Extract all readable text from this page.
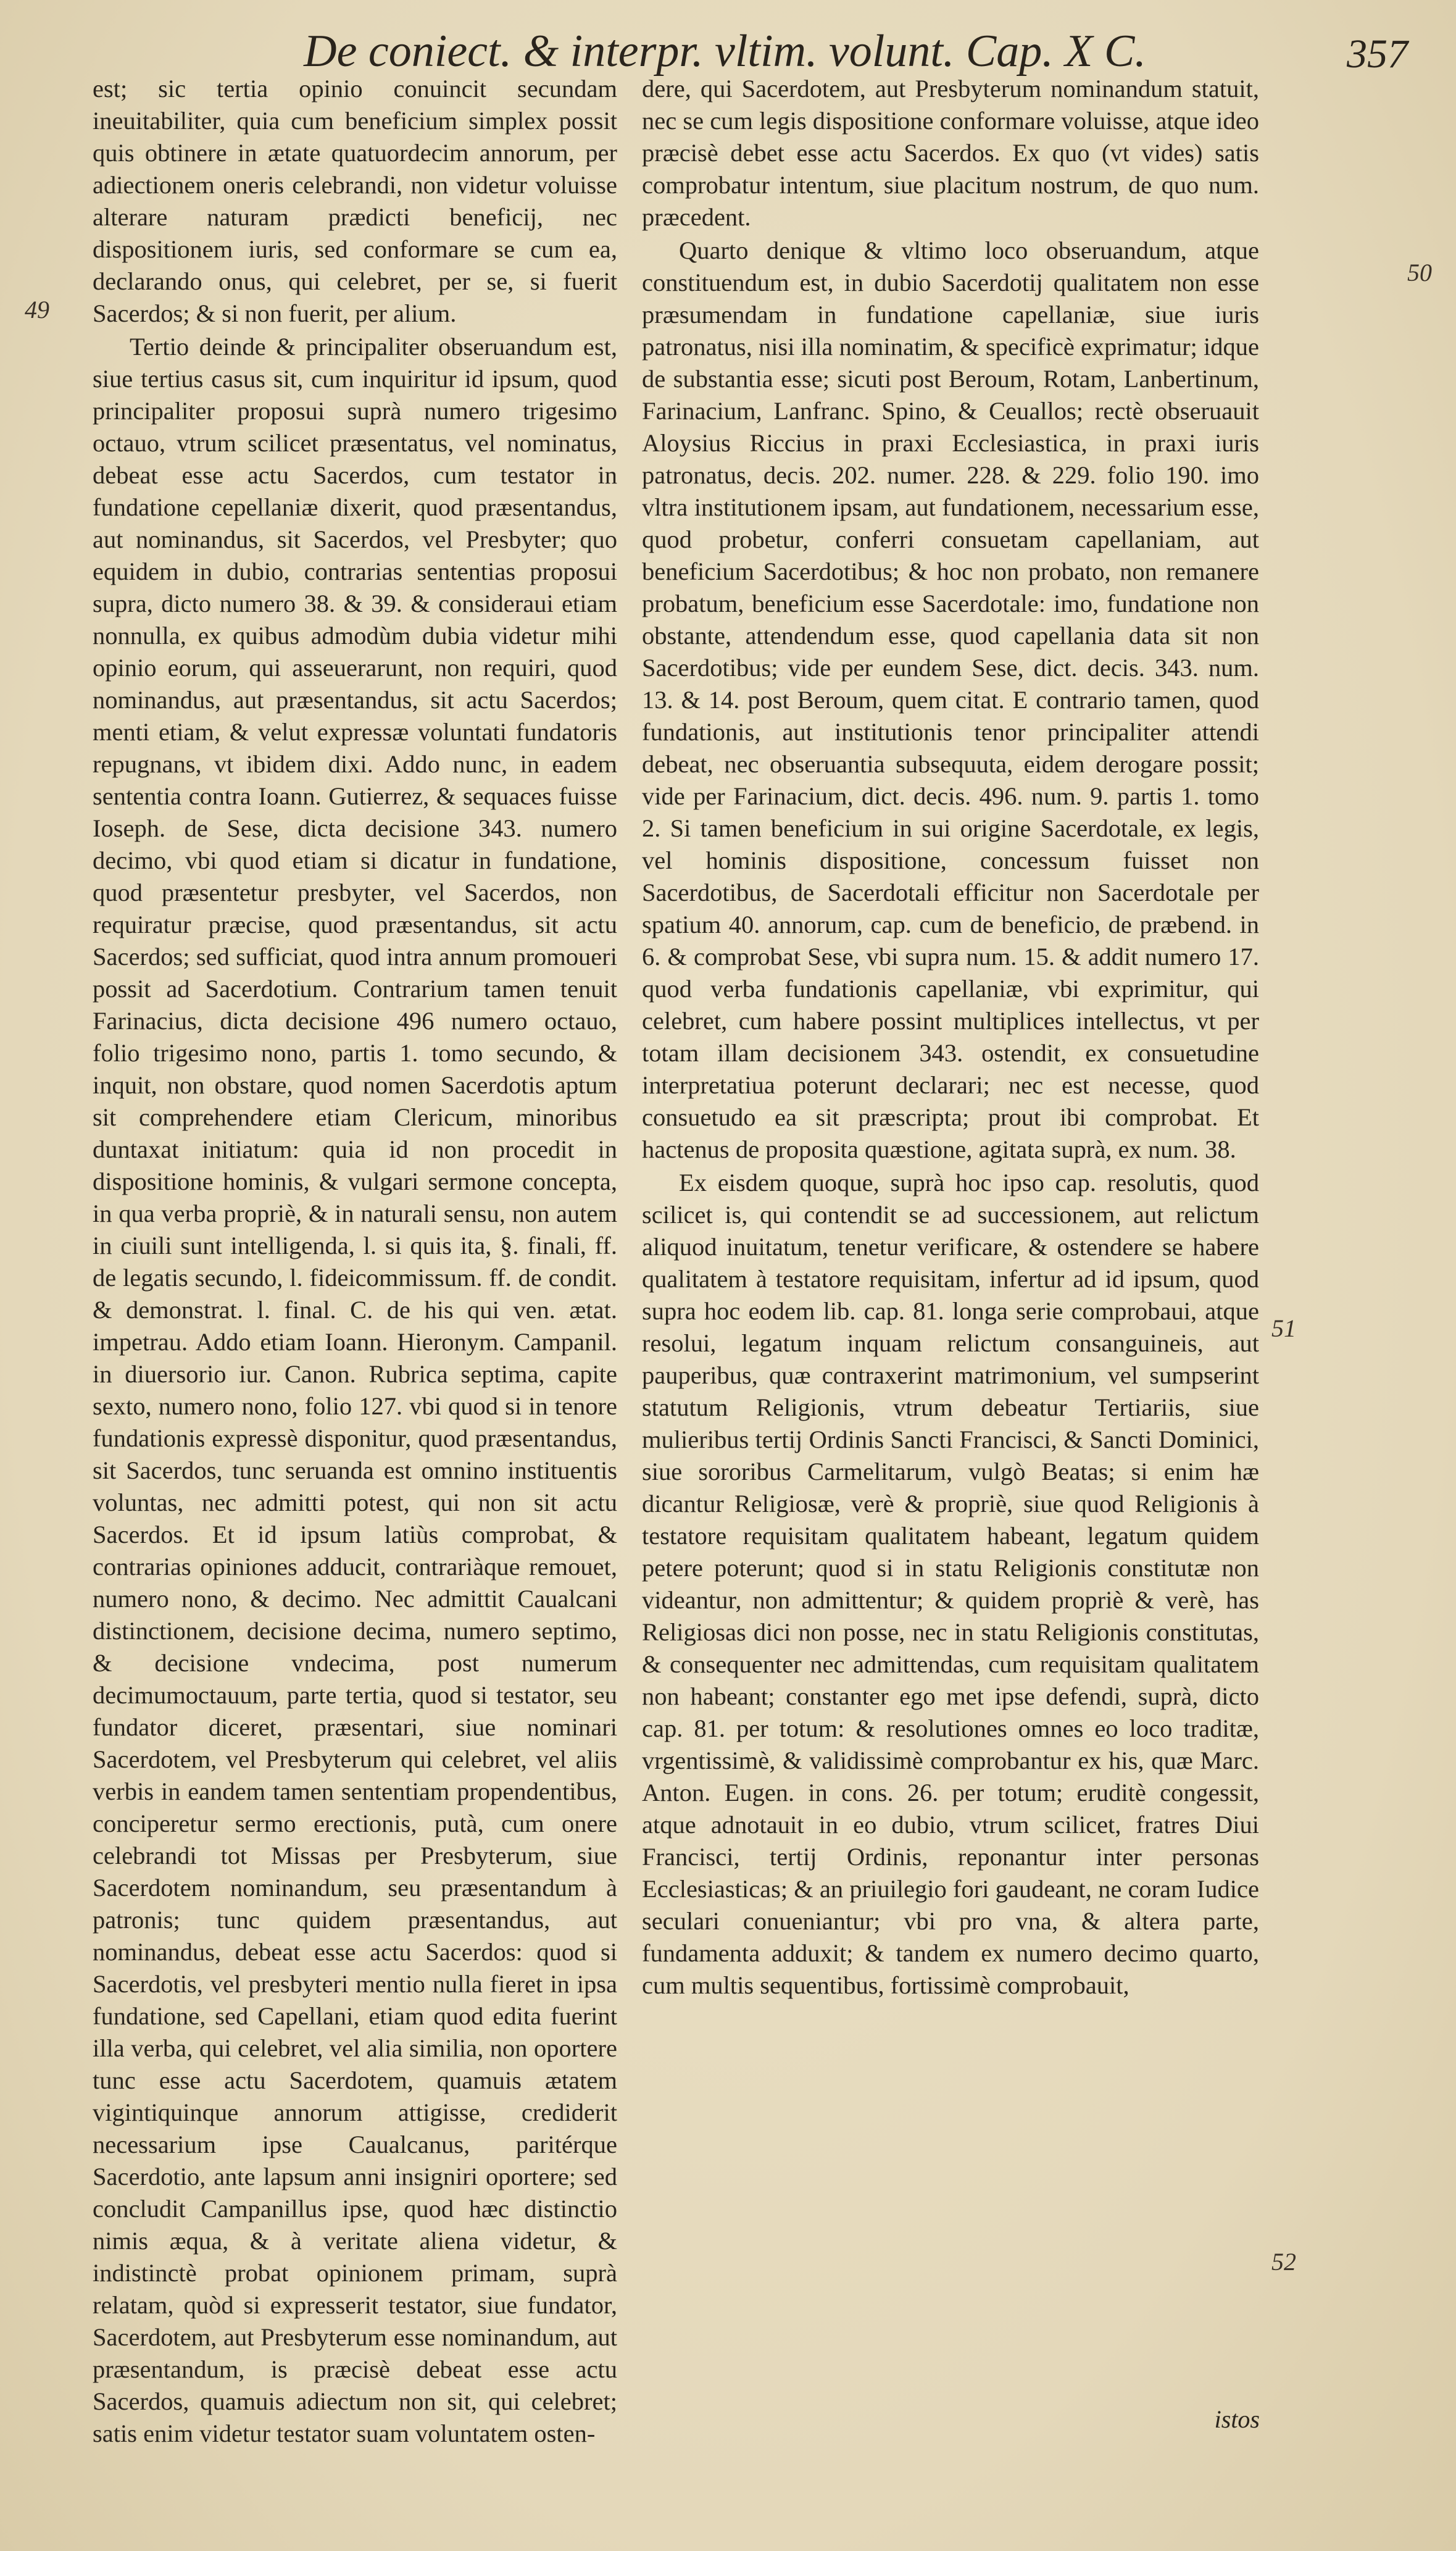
De coniect. & interpr. vltim. volunt. Cap. X C.	357

est; sic tertia opinio conuincit secundam ineuitabiliter, quia cum beneficium simplex possit quis obtinere in ætate quatuordecim annorum, per adiectionem oneris celebrandi, non videtur voluisse alterare naturam prædicti beneficij, nec dispositionem iuris, sed conformare se cum ea, declarando onus, qui celebret, per se, si fuerit Sacerdos; & si non fuerit, per alium.

Tertio deinde & principaliter obseruandum est, siue tertius casus sit, cum inquiritur id ipsum, quod principaliter proposui suprà numero trigesimo octauo, vtrum scilicet præsentatus, vel nominatus, debeat esse actu Sacerdos, cum testator in fundatione cepellaniæ dixerit, quod præsentandus, aut nominandus, sit Sacerdos, vel Presbyter; quo equidem in dubio, contrarias sententias proposui supra, dicto numero 38. & 39. & consideraui etiam nonnulla, ex quibus admodùm dubia videtur mihi opinio eorum, qui asseuerarunt, non requiri, quod nominandus, aut præsentandus, sit actu Sacerdos; menti etiam, & velut expressæ voluntati fundatoris repugnans, vt ibidem dixi. Addo nunc, in eadem sententia contra Ioann. Gutierrez, & sequaces fuisse Ioseph. de Sese, dicta decisione 343. numero decimo, vbi quod etiam si dicatur in fundatione, quod præsentetur presbyter, vel Sacerdos, non requiratur præcise, quod præsentandus, sit actu Sacerdos; sed sufficiat, quod intra annum promoueri possit ad Sacerdotium. Contrarium tamen tenuit Farinacius, dicta decisione 496 numero octauo, folio trigesimo nono, partis 1. tomo secundo, & inquit, non obstare, quod nomen Sacerdotis aptum sit comprehendere etiam Clericum, minoribus duntaxat initiatum: quia id non procedit in dispositione hominis, & vulgari sermone concepta, in qua verba propriè, & in naturali sensu, non autem in ciuili sunt intelligenda, l. si quis ita, §. finali, ff. de legatis secundo, l. fideicommissum. ff. de condit. & demonstrat. l. final. C. de his qui ven. ætat. impetrau. Addo etiam Ioann. Hieronym. Campanil. in diuersorio iur. Canon. Rubrica septima, capite sexto, numero nono, folio 127. vbi quod si in tenore fundationis expressè disponitur, quod præsentandus, sit Sacerdos, tunc seruanda est omnino instituentis voluntas, nec admitti potest, qui non sit actu Sacerdos. Et id ipsum latiùs comprobat, & contrarias opiniones adducit, contrariàque remouet, numero nono, & decimo. Nec admittit Caualcani distinctionem, decisione decima, numero septimo, & decisione vndecima, post numerum decimumoctauum, parte tertia, quod si testator, seu fundator diceret, præsentari, siue nominari Sacerdotem, vel Presbyterum qui celebret, vel aliis verbis in eandem tamen sententiam propendentibus, conciperetur sermo erectionis, putà, cum onere celebrandi tot Missas per Presbyterum, siue Sacerdotem nominandum, seu præsentandum à patronis; tunc quidem præsentandus, aut nominandus, debeat esse actu Sacerdos: quod si Sacerdotis, vel presbyteri mentio nulla fieret in ipsa fundatione, sed Capellani, etiam quod edita fuerint illa verba, qui celebret, vel alia similia, non oportere tunc esse actu Sacerdotem, quamuis ætatem vigintiquinque annorum attigisse, crediderit necessarium ipse Caualcanus, paritérque Sacerdotio, ante lapsum anni insigniri oportere; sed concludit Campanillus ipse, quod hæc distinctio nimis æqua, & à veritate aliena videtur, & indistinctè probat opinionem primam, suprà relatam, quòd si expresserit testator, siue fundator, Sacerdotem, aut Presbyterum esse nominandum, aut præsentandum, is præcisè debeat esse actu Sacerdos, quamuis adiectum non sit, qui celebret; satis enim videtur testator suam voluntatem osten-

dere, qui Sacerdotem, aut Presbyterum nominandum statuit, nec se cum legis dispositione conformare voluisse, atque ideo præcisè debet esse actu Sacerdos. Ex quo (vt vides) satis comprobatur intentum, siue placitum nostrum, de quo num. præcedent.

Quarto denique & vltimo loco obseruandum, atque constituendum est, in dubio Sacerdotij qualitatem non esse præsumendam in fundatione capellaniæ, siue iuris patronatus, nisi illa nominatim, & specificè exprimatur; idque de substantia esse; sicuti post Beroum, Rotam, Lanbertinum, Farinacium, Lanfranc. Spino, & Ceuallos; rectè obseruauit Aloysius Riccius in praxi Ecclesiastica, in praxi iuris patronatus, decis. 202. numer. 228. & 229. folio 190. imo vltra institutionem ipsam, aut fundationem, necessarium esse, quod probetur, conferri consuetam capellaniam, aut beneficium Sacerdotibus; & hoc non probato, non remanere probatum, beneficium esse Sacerdotale: imo, fundatione non obstante, attendendum esse, quod capellania data sit non Sacerdotibus; vide per eundem Sese, dict. decis. 343. num. 13. & 14. post Beroum, quem citat. E contrario tamen, quod fundationis, aut institutionis tenor principaliter attendi debeat, nec obseruantia subsequuta, eidem derogare possit; vide per Farinacium, dict. decis. 496. num. 9. partis 1. tomo 2. Si tamen beneficium in sui origine Sacerdotale, ex legis, vel hominis dispositione, concessum fuisset non Sacerdotibus, de Sacerdotali efficitur non Sacerdotale per spatium 40. annorum, cap. cum de beneficio, de præbend. in 6. & comprobat Sese, vbi supra num. 15. & addit numero 17. quod verba fundationis capellaniæ, vbi exprimitur, qui celebret, cum habere possint multiplices intellectus, vt per totam illam decisionem 343. ostendit, ex consuetudine interpretatiua poterunt declarari; nec est necesse, quod consuetudo ea sit præscripta; prout ibi comprobat. Et hactenus de proposita quæstione, agitata suprà, ex num. 38.

Ex eisdem quoque, suprà hoc ipso cap. resolutis, quod scilicet is, qui contendit se ad successionem, aut relictum aliquod inuitatum, tenetur verificare, & ostendere se habere qualitatem à testatore requisitam, infertur ad id ipsum, quod supra hoc eodem lib. cap. 81. longa serie comprobaui, atque resolui, legatum inquam relictum consanguineis, aut pauperibus, quæ contraxerint matrimonium, vel sumpserint statutum Religionis, vtrum debeatur Tertiariis, siue mulieribus tertij Ordinis Sancti Francisci, & Sancti Dominici, siue sororibus Carmelitarum, vulgò Beatas; si enim hæ dicantur Religiosæ, verè & propriè, siue quod Religionis à testatore requisitam qualitatem habeant, legatum quidem petere poterunt; quod si in statu Religionis constitutæ non videantur, non admittentur; & quidem propriè & verè, has Religiosas dici non posse, nec in statu Religionis constitutas, & consequenter nec admittendas, cum requisitam qualitatem non habeant; constanter ego met ipse defendi, suprà, dicto cap. 81. per totum: & resolutiones omnes eo loco traditæ, vrgentissimè, & validissimè comprobantur ex his, quæ Marc. Anton. Eugen. in cons. 26. per totum; eruditè congessit, atque adnotauit in eo dubio, vtrum scilicet, fratres Diui Francisci, tertij Ordinis, reponantur inter personas Ecclesiasticas; & an priuilegio fori gaudeant, ne coram Iudice seculari conueniantur; vbi pro vna, & altera parte, fundamenta adduxit; & tandem ex numero decimo quarto, cum multis sequentibus, fortissimè comprobauit,

istos
49
50
51
52
